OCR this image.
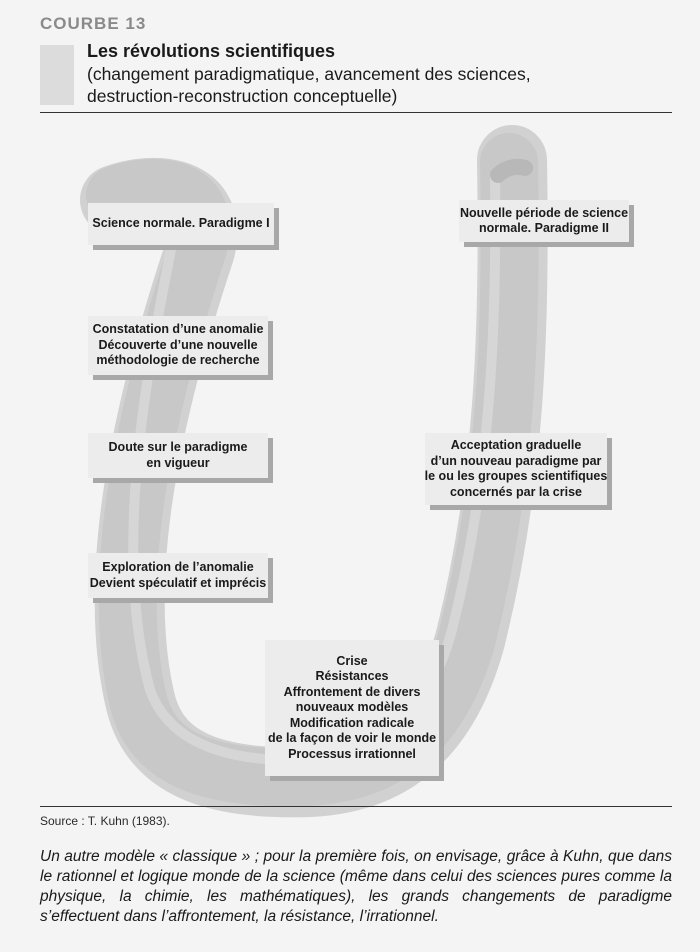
COURBE 13
Les révolutions scientifiques
(changement paradigmatique, avancement des sciences,
destruction-reconstruction conceptuelle)
Science normale. Paradigme I
Constatation d’une anomalie
Découverte d’une nouvelle
méthodologie de recherche
Doute sur le paradigme
en vigueur
Exploration de l’anomalie
Devient spéculatif et imprécis
Crise
Résistances
Affrontement de divers
nouveaux modèles
Modification radicale
de la façon de voir le monde
Processus irrationnel
Acceptation graduelle
d’un nouveau paradigme par
le ou les groupes scientifiques
concernés par la crise
Nouvelle période de science
normale. Paradigme II
Source : T. Kuhn (1983).
Un autre modèle « classique » ; pour la première fois, on envisage, grâce à Kuhn, que dans le rationnel et logique monde de la science (même dans celui des sciences pures comme la physique, la chimie, les mathématiques), les grands changements de paradigme s’effectuent dans l’affrontement, la résistance, l’irrationnel.
